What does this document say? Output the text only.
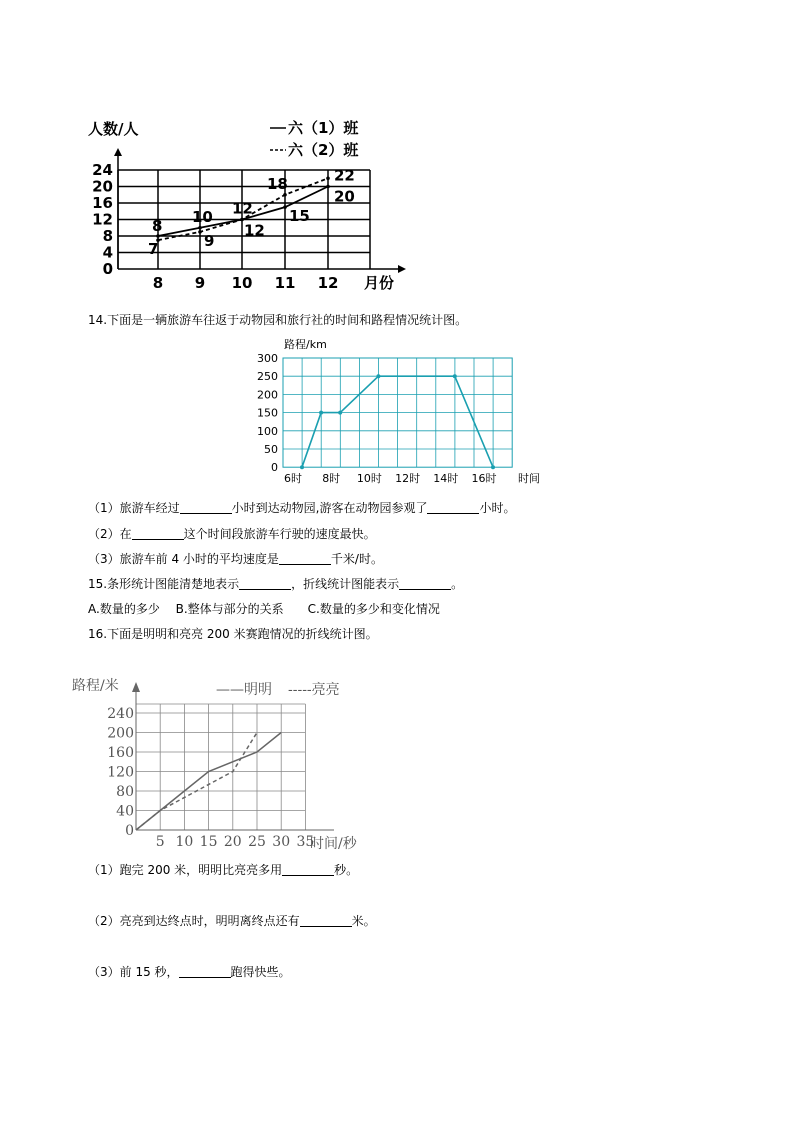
人数/人
月份
0
4
8
12
16
20
24
8 9 10 11 12
8
10 12 15
20
7	9
12
18	22
六（1）班
六（2）班
14.下面是一辆旅游车往返于动物园和旅行社的时间和路程情况统计图。
路程/km
0
50
100
150
200
250
300
6时 8时 10时 12时 14时 16时 时间
（1）旅游车经过	小时到达动物园,游客在动物园参观了	小时。
（2）在	这个时间段旅游车行驶的速度最快。
（3）旅游车前 4 小时的平均速度是	千米/时。
15.条形统计图能清楚地表示	，折线统计图能表示	。
A.数量的多少　 B.整体与部分的关系　　C.数量的多少和变化情况
16.下面是明明和亮亮 200 米赛跑情况的折线统计图。
路程/米	——明明 -----亮亮
0
40
80
120
160
200
240
5 10 15 20 25 30 35
时间/秒
（1）跑完 200 米，明明比亮亮多用	秒。
（2）亮亮到达终点时，明明离终点还有	米。
（3）前 15 秒，	跑得快些。
